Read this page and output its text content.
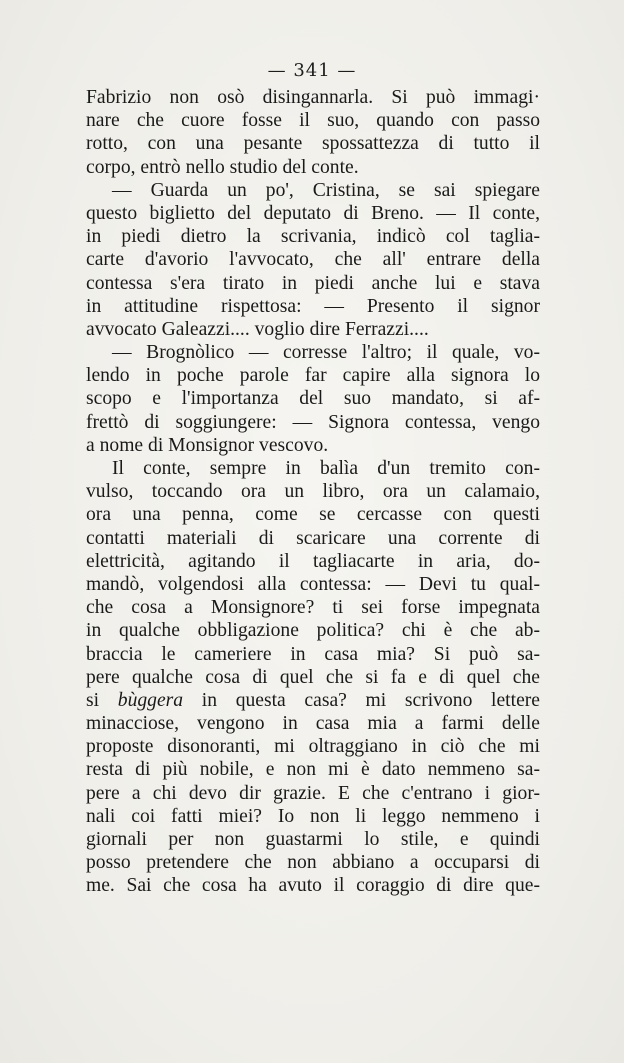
— 341 —
Fabrizio non osò disingannarla. Si può immagi·
nare che cuore fosse il suo, quando con passo
rotto, con una pesante spossattezza di tutto il
corpo, entrò nello studio del conte.
— Guarda un po', Cristina, se sai spiegare
questo biglietto del deputato di Breno. — Il conte,
in piedi dietro la scrivania, indicò col taglia-
carte d'avorio l'avvocato, che all' entrare della
contessa s'era tirato in piedi anche lui e stava
in attitudine rispettosa: — Presento il signor
avvocato Galeazzi.... voglio dire Ferrazzi....
— Brognòlico — corresse l'altro; il quale, vo-
lendo in poche parole far capire alla signora lo
scopo e l'importanza del suo mandato, si af-
frettò di soggiungere: — Signora contessa, vengo
a nome di Monsignor vescovo.
Il conte, sempre in balìa d'un tremito con-
vulso, toccando ora un libro, ora un calamaio,
ora una penna, come se cercasse con questi
contatti materiali di scaricare una corrente di
elettricità, agitando il tagliacarte in aria, do-
mandò, volgendosi alla contessa: — Devi tu qual-
che cosa a Monsignore? ti sei forse impegnata
in qualche obbligazione politica? chi è che ab-
braccia le cameriere in casa mia? Si può sa-
pere qualche cosa di quel che si fa e di quel che
si bùggera in questa casa? mi scrivono lettere
minacciose, vengono in casa mia a farmi delle
proposte disonoranti, mi oltraggiano in ciò che mi
resta di più nobile, e non mi è dato nemmeno sa-
pere a chi devo dir grazie. E che c'entrano i gior-
nali coi fatti miei? Io non li leggo nemmeno i
giornali per non guastarmi lo stile, e quindi
posso pretendere che non abbiano a occuparsi di
me. Sai che cosa ha avuto il coraggio di dire que-
